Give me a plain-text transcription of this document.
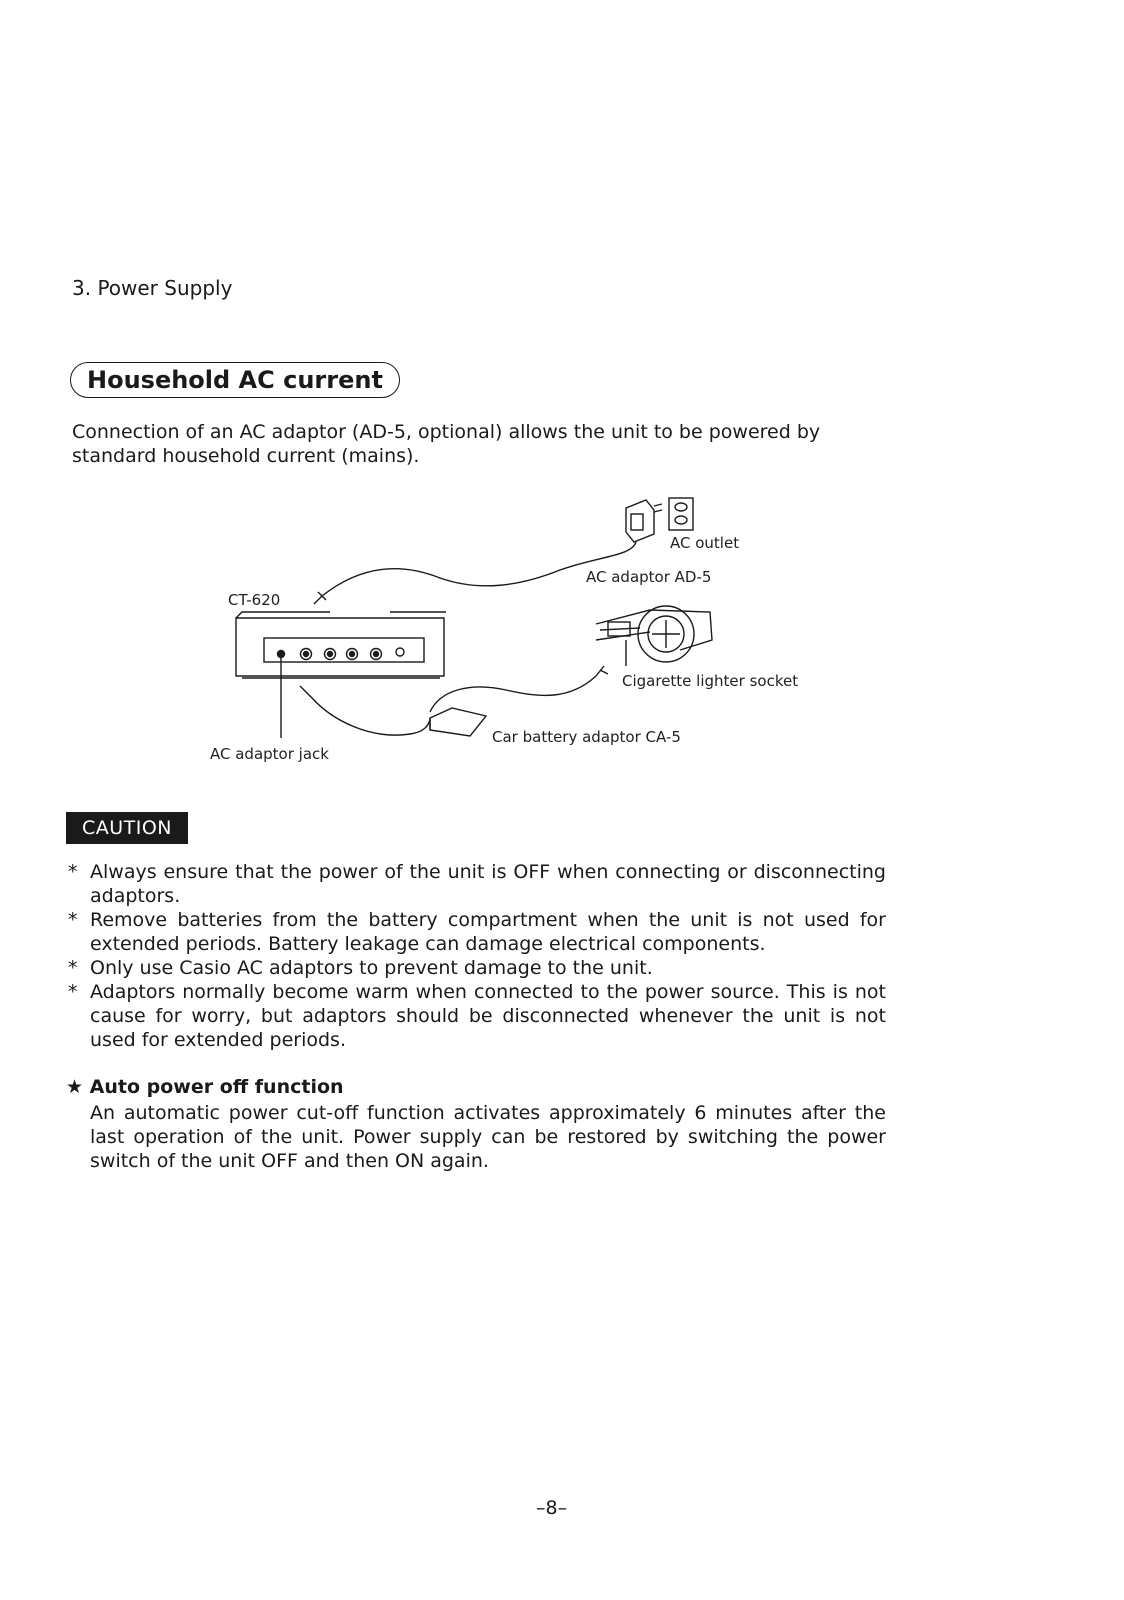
3. Power Supply
Household AC current

Connection of an AC adaptor (AD-5, optional) allows the unit to be powered by standard household current (mains).

AC outlet
AC adaptor AD-5
CT-620
Cigarette lighter socket
Car battery adaptor CA-5
AC adaptor jack
CAUTION
* Always ensure that the power of the unit is OFF when connecting or disconnecting adaptors.
* Remove batteries from the battery compartment when the unit is not used for extended periods. Battery leakage can damage electrical components.
* Only use Casio AC adaptors to prevent damage to the unit.
* Adaptors normally become warm when connected to the power source. This is not cause for worry, but adaptors should be disconnected whenever the unit is not used for extended periods.
★ Auto power off function

An automatic power cut-off function activates approximately 6 minutes after the last operation of the unit. Power supply can be restored by switching the power switch of the unit OFF and then ON again.

–8–
